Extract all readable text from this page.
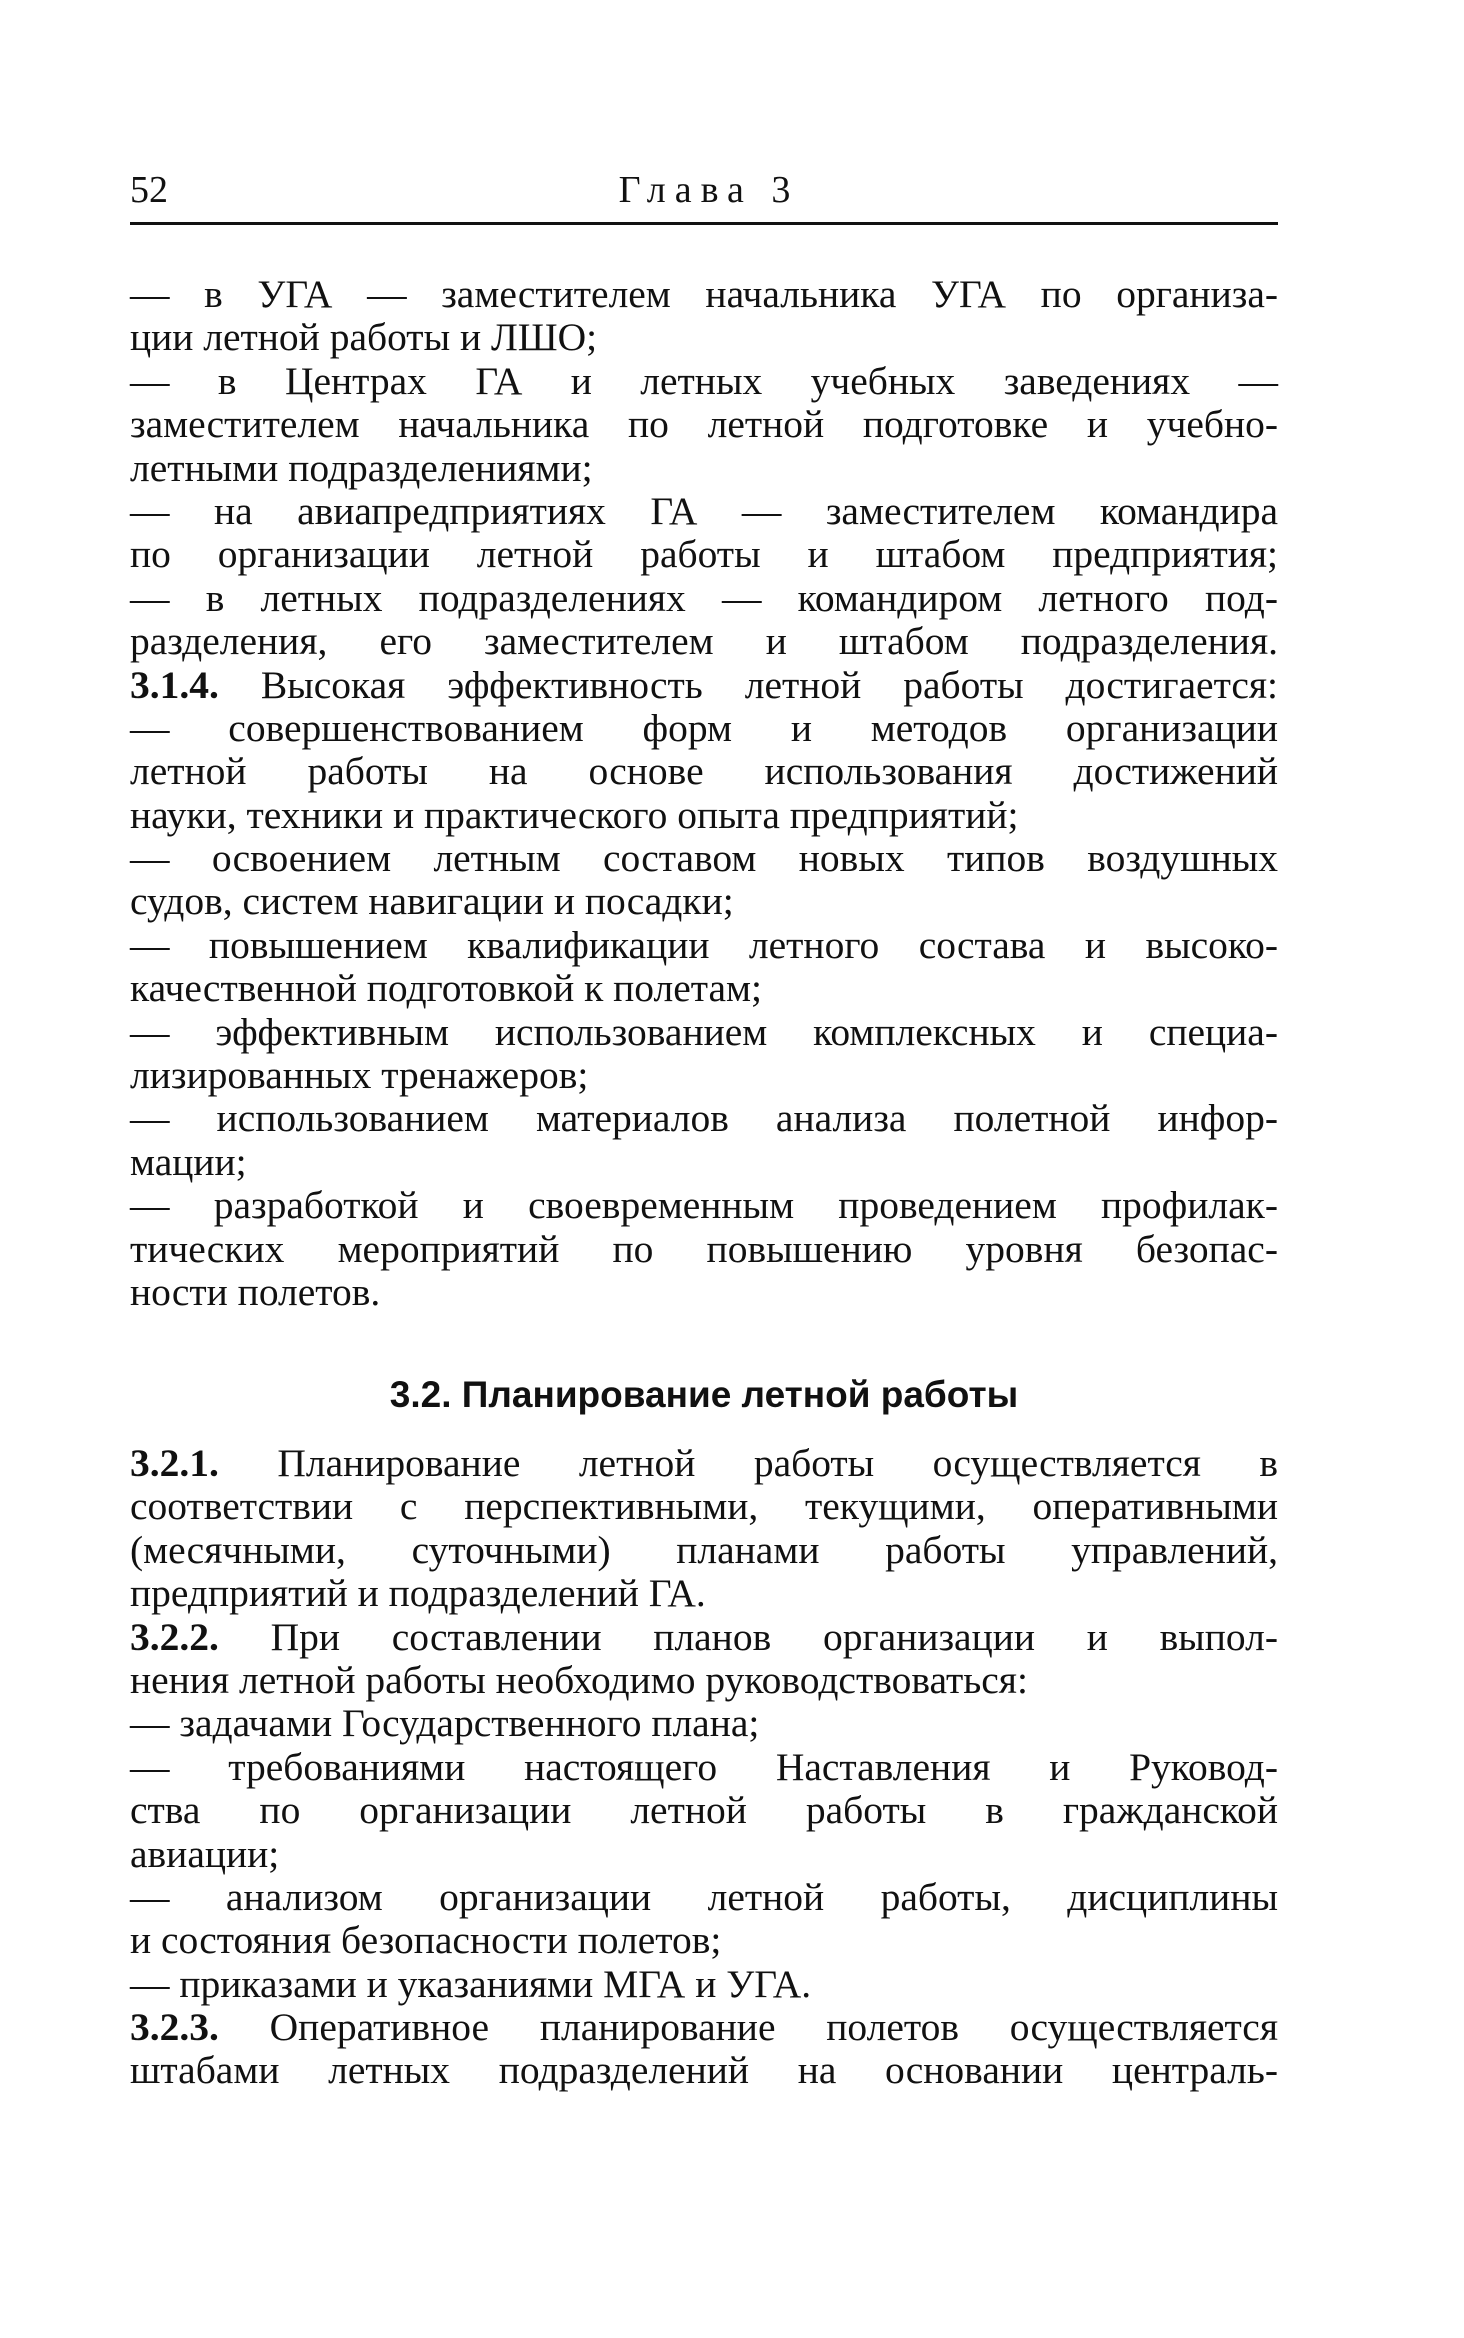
52	Глава 3
— в УГА — заместителем начальника УГА по организа-
ции летной работы и ЛШО;
— в Центрах ГА и летных учебных заведениях —
заместителем начальника по летной подготовке и учебно-
летными подразделениями;
— на авиапредприятиях ГА — заместителем командира
по организации летной работы и штабом предприятия;
— в летных подразделениях — командиром летного под-
разделения, его заместителем и штабом подразделения.
3.1.4. Высокая эффективность летной работы достигается:
— совершенствованием форм и методов организации
летной работы на основе использования достижений
науки, техники и практического опыта предприятий;
— освоением летным составом новых типов воздушных
судов, систем навигации и посадки;
— повышением квалификации летного состава и высоко-
качественной подготовкой к полетам;
— эффективным использованием комплексных и специа-
лизированных тренажеров;
— использованием материалов анализа полетной инфор-
мации;
— разработкой и своевременным проведением профилак-
тических мероприятий по повышению уровня безопас-
ности полетов.
3.2. Планирование летной работы
3.2.1. Планирование летной работы осуществляется в
соответствии с перспективными, текущими, оперативными
(месячными, суточными) планами работы управлений,
предприятий и подразделений ГА.
3.2.2. При составлении планов организации и выпол-
нения летной работы необходимо руководствоваться:
— задачами Государственного плана;
— требованиями настоящего Наставления и Руковод-
ства по организации летной работы в гражданской
авиации;
— анализом организации летной работы, дисциплины
и состояния безопасности полетов;
— приказами и указаниями МГА и УГА.
3.2.3. Оперативное планирование полетов осуществляется
штабами летных подразделений на основании централь-
